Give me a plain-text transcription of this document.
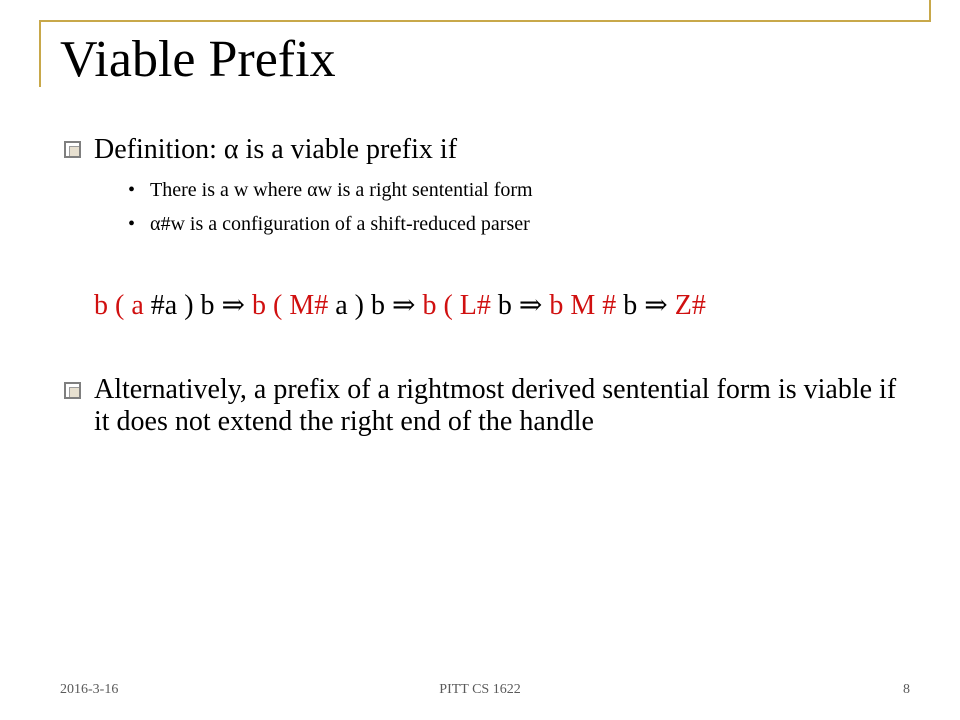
Viable Prefix
Definition: α is a viable prefix if
• There is a w where αw is a right sentential form
• α#w is a configuration of a shift-reduced parser
b ( a #a ) b ⇒ b ( M# a ) b ⇒ b ( L# b ⇒ b M # b ⇒ Z#
Alternatively, a prefix of a rightmost derived sentential form is viable if it does not extend the right end of the handle
2016-3-16	PITT CS 1622	8
